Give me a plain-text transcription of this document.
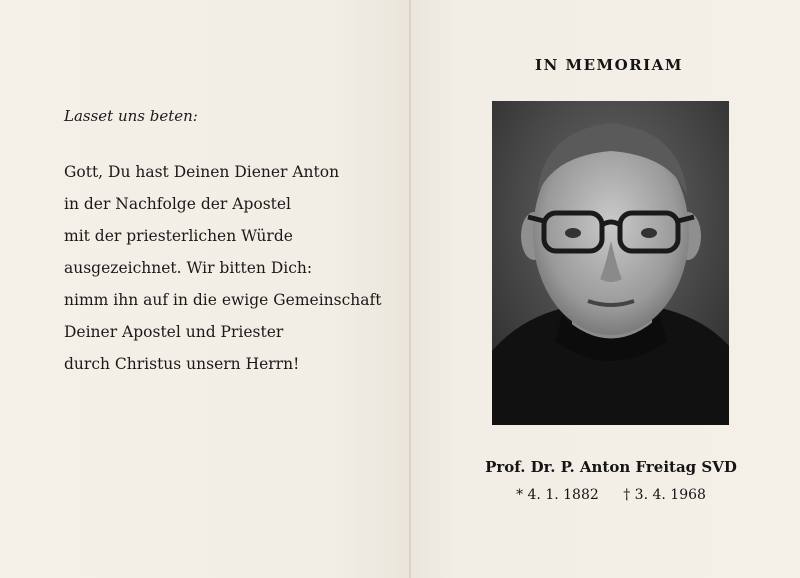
Lasset uns beten:
Gott, Du hast Deinen Diener Anton
in der Nachfolge der Apostel
mit der priesterlichen Würde
ausgezeichnet. Wir bitten Dich:
nimm ihn auf in die ewige Gemeinschaft
Deiner Apostel und Priester
durch Christus unsern Herrn!
IN MEMORIAM
Prof. Dr. P. Anton Freitag SVD
* 4. 1. 1882 † 3. 4. 1968
